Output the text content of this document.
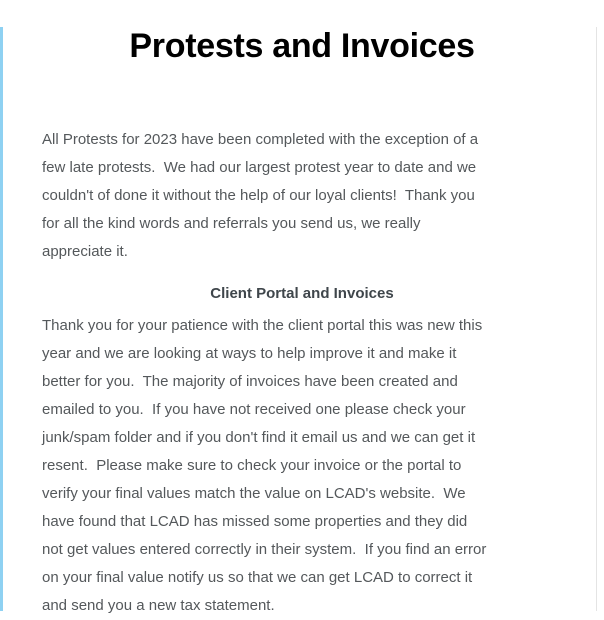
Protests and Invoices

All Protests for 2023 have been completed with the exception of a few late protests.  We had our largest protest year to date and we couldn't of done it without the help of our loyal clients!  Thank you for all the kind words and referrals you send us, we really appreciate it.

Client Portal and Invoices

Thank you for your patience with the client portal this was new this year and we are looking at ways to help improve it and make it better for you.  The majority of invoices have been created and emailed to you.  If you have not received one please check your junk/spam folder and if you don't find it email us and we can get it resent.  Please make sure to check your invoice or the portal to verify your final values match the value on LCAD's website.  We have found that LCAD has missed some properties and they did not get values entered correctly in their system.  If you find an error on your final value notify us so that we can get LCAD to correct it and send you a new tax statement.
